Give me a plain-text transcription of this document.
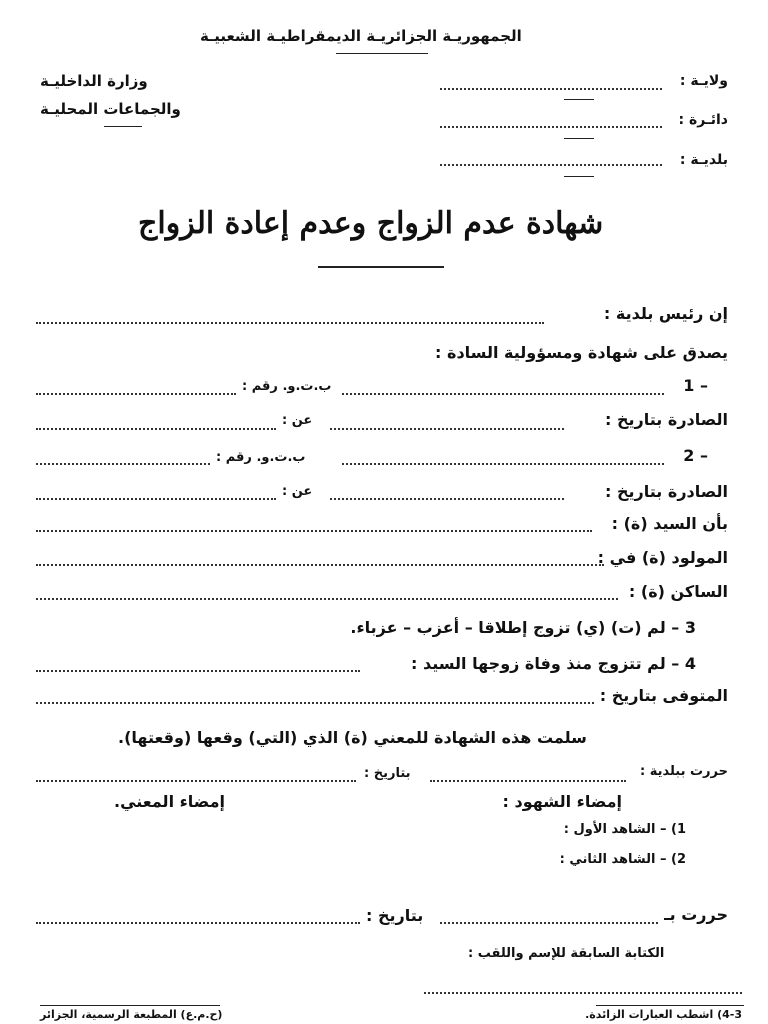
الجمهوريـة الجزائريـة الديمقراطيـة الشعبيـة
وزارة الداخليـة
والجماعات المحليـة
ولايـة :
دائـرة :
بلديـة :
شهادة عدم الزواج وعدم إعادة الزواج
إن رئيس بلدية :
يصدق على شهادة ومسؤولية السادة :
1 –
ب.ت.و. رقم :
الصادرة بتاريخ :
عن :
2 –
ب.ت.و. رقم :
الصادرة بتاريخ :
عن :
بأن السيد (ة) :
المولود (ة) في :
الساكن (ة) :
3 – لم (ت) (ي) تزوج إطلاقا – أعزب – عزباء.
4 – لم تتزوج منذ وفاة زوجها السيد :
المتوفى بتاريخ :
سلمت هذه الشهادة للمعني (ة) الذي (التي) وقعها (وقعتها).
حررت ببلدية :
بتاريخ :
إمضاء الشهود :
إمضاء المعني.
1) – الشاهد الأول :
2) – الشاهد الثاني :
حررت بـ
بتاريخ :
الكتابة السابقة للإسم واللقب :
(ح.م.ع) المطبعة الرسمية، الجزائر	4-3) اشطب العبارات الزائدة.
